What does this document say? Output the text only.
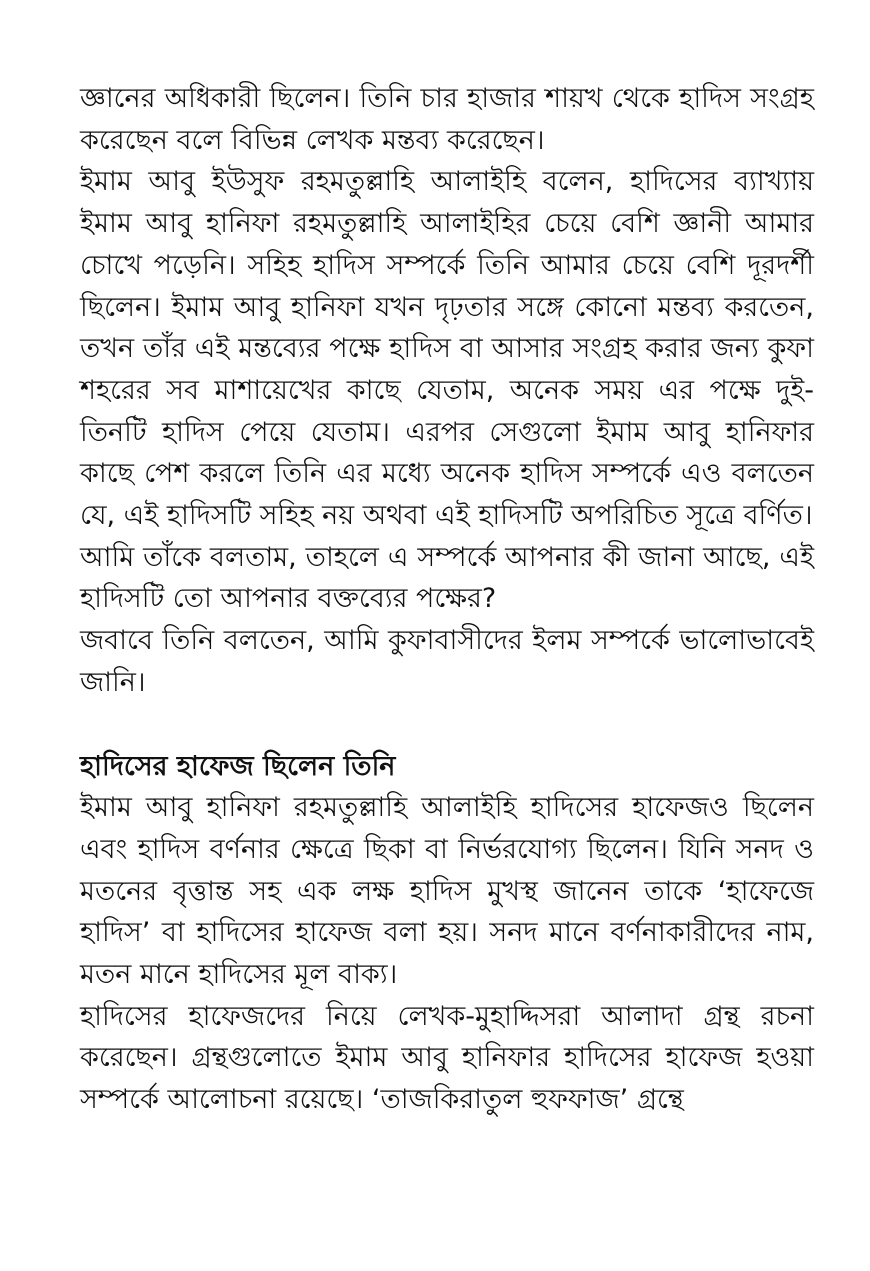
জ্ঞানের অধিকারী ছিলেন। তিনি চার হাজার শায়খ থেকে হাদিস সংগ্রহ করেছেন বলে বিভিন্ন লেখক মন্তব্য করেছেন।

ইমাম আবু ইউসুফ রহমতুল্লাহি আলাইহি বলেন, হাদিসের ব্যাখ্যায় ইমাম আবু হানিফা রহমতুল্লাহি আলাইহির চেয়ে বেশি জ্ঞানী আমার চোখে পড়েনি। সহিহ হাদিস সম্পর্কে তিনি আমার চেয়ে বেশি দূরদর্শী ছিলেন। ইমাম আবু হানিফা যখন দৃঢ়তার সঙ্গে কোনো মন্তব্য করতেন, তখন তাঁর এই মন্তব্যের পক্ষে হাদিস বা আসার সংগ্রহ করার জন্য কুফা শহরের সব মাশায়েখের কাছে যেতাম, অনেক সময় এর পক্ষে দুই-তিনটি হাদিস পেয়ে যেতাম। এরপর সেগুলো ইমাম আবু হানিফার কাছে পেশ করলে তিনি এর মধ্যে অনেক হাদিস সম্পর্কে এও বলতেন যে, এই হাদিসটি সহিহ নয় অথবা এই হাদিসটি অপরিচিত সূত্রে বর্ণিত।

আমি তাঁকে বলতাম, তাহলে এ সম্পর্কে আপনার কী জানা আছে, এই হাদিসটি তো আপনার বক্তব্যের পক্ষের?

জবাবে তিনি বলতেন, আমি কুফাবাসীদের ইলম সম্পর্কে ভালোভাবেই জানি।

হাদিসের হাফেজ ছিলেন তিনি

ইমাম আবু হানিফা রহমতুল্লাহি আলাইহি হাদিসের হাফেজও ছিলেন এবং হাদিস বর্ণনার ক্ষেত্রে ছিকা বা নির্ভরযোগ্য ছিলেন। যিনি সনদ ও মতনের বৃত্তান্ত সহ এক লক্ষ হাদিস মুখস্থ জানেন তাকে ‘হাফেজে হাদিস’ বা হাদিসের হাফেজ বলা হয়। সনদ মানে বর্ণনাকারীদের নাম, মতন মানে হাদিসের মূল বাক্য।

হাদিসের হাফেজদের নিয়ে লেখক-মুহাদ্দিসরা আলাদা গ্রন্থ রচনা করেছেন। গ্রন্থগুলোতে ইমাম আবু হানিফার হাদিসের হাফেজ হওয়া সম্পর্কে আলোচনা রয়েছে। ‘তাজকিরাতুল হুফফাজ’ গ্রন্থে
